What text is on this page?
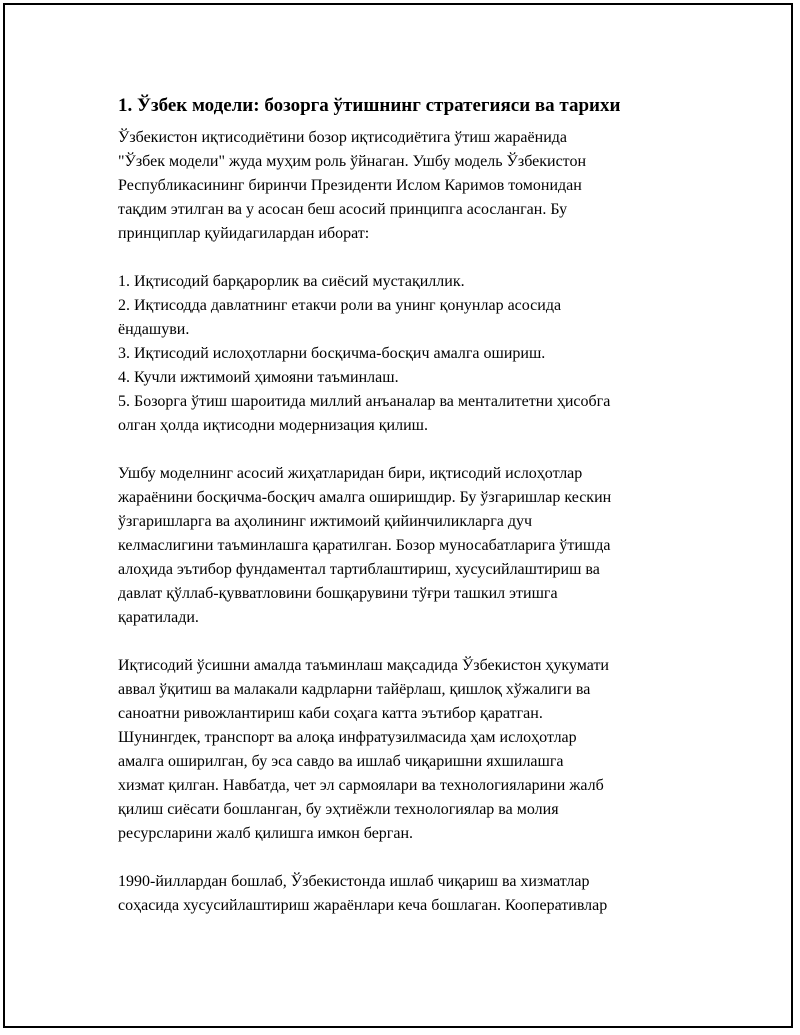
1. Ўзбек модели: бозорга ўтишнинг стратегияси ва тарихи

Ўзбекистон иқтисодиётини бозор иқтисодиётига ўтиш жараёнида
"Ўзбек модели" жуда муҳим роль ўйнаган. Ушбу модель Ўзбекистон
Республикасининг биринчи Президенти Ислом Каримов томонидан
тақдим этилган ва у асосан беш асосий принципга асосланган. Бу
принциплар қуйидагилардан иборат:

1. Иқтисодий барқарорлик ва сиёсий мустақиллик.
2. Иқтисодда давлатнинг етакчи роли ва унинг қонунлар асосида
ёндашуви.
3. Иқтисодий ислоҳотларни босқичма-босқич амалга ошириш.
4. Кучли ижтимоий ҳимояни таъминлаш.
5. Бозорга ўтиш шароитида миллий анъаналар ва менталитетни ҳисобга
олган ҳолда иқтисодни модернизация қилиш.

Ушбу моделнинг асосий жиҳатларидан бири, иқтисодий ислоҳотлар
жараёнини босқичма-босқич амалга оширишдир. Бу ўзгаришлар кескин
ўзгаришларга ва аҳолининг ижтимоий қийинчиликларга дуч
келмаслигини таъминлашга қаратилган. Бозор муносабатларига ўтишда
алоҳида эътибор фундаментал тартиблаштириш, хусусийлаштириш ва
давлат қўллаб-қувватловини бошқарувини тўғри ташкил этишга
қаратилади.

Иқтисодий ўсишни амалда таъминлаш мақсадида Ўзбекистон ҳукумати
аввал ўқитиш ва малакали кадрларни тайёрлаш, қишлоқ хўжалиги ва
саноатни ривожлантириш каби соҳага катта эътибор қаратган.
Шунингдек, транспорт ва алоқа инфратузилмасида ҳам ислоҳотлар
амалга оширилган, бу эса савдо ва ишлаб чиқаришни яхшилашга
хизмат қилган. Навбатда, чет эл сармоялари ва технологияларини жалб
қилиш сиёсати бошланган, бу эҳтиёжли технологиялар ва молия
ресурсларини жалб қилишга имкон берган.

1990-йиллардан бошлаб, Ўзбекистонда ишлаб чиқариш ва хизматлар
соҳасида хусусийлаштириш жараёнлари кеча бошлаган. Кооперативлар
